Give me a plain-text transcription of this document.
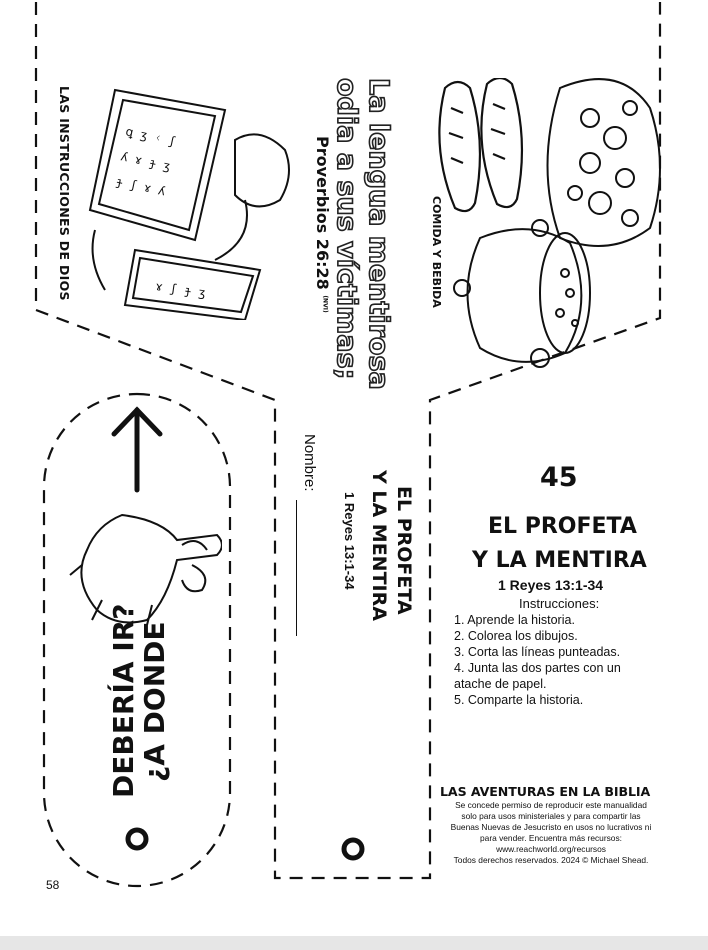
LAS INSTRUCCIONES DE DIOS	ꝗ ʒ ᚲ ʃ
ʎ ɤ ɟ ʒ
ɟ ʃ ɤ ʎ
ɤ ʃ ɟ ʒ	La lengua mentirosa
odia a sus víctimas;
Proverbios 26:28 $^{(NVI)}$	COMIDA Y BEBIDA
¿A DONDE
DEBERÍA IR?
Nombre:
EL PROFETA
Y LA MENTIRA
1 Reyes 13:1-34
45
EL PROFETA
Y LA MENTIRA
1 Reyes 13:1-34
Instrucciones:
1. Aprende la historia.
2. Colorea los dibujos.
3. Corta las líneas punteadas.
4. Junta las dos partes con un
atache de papel.
5. Comparte la historia.
LAS AVENTURAS EN LA BIBLIA
Se concede permiso de reproducir este manualidad
solo para usos ministeriales y para compartir las
Buenas Nuevas de Jesucristo en usos no lucrativos ni
para vender. Encuentra más recursos:
www.reachworld.org/recursos
Todos derechos reservados. 2024 © Michael Shead.
58
